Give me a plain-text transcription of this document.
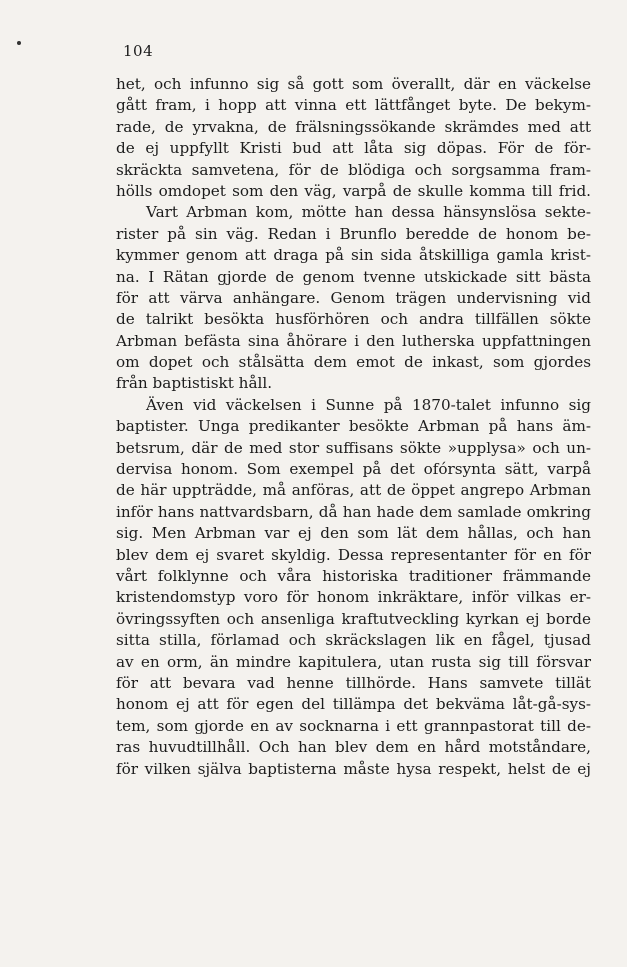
104
het, och infunno sig så gott som överallt, där en väckelse
gått fram, i hopp att vinna ett lättfånget byte. De bekym-
rade, de yrvakna, de frälsningssökande skrämdes med att
de ej uppfyllt Kristi bud att låta sig döpas. För de för-
skräckta samvetena, för de blödiga och sorgsamma fram-
hölls omdopet som den väg, varpå de skulle komma till frid.
Vart Arbman kom, mötte han dessa hänsynslösa sekte-
rister på sin väg. Redan i Brunflo beredde de honom be-
kymmer genom att draga på sin sida åtskilliga gamla krist-
na. I Rätan gjorde de genom tvenne utskickade sitt bästa
för att värva anhängare. Genom trägen undervisning vid
de talrikt besökta husförhören och andra tillfällen sökte
Arbman befästa sina åhörare i den lutherska uppfattningen
om dopet och stålsätta dem emot de inkast, som gjordes
från baptistiskt håll.
Även vid väckelsen i Sunne på 1870-talet infunno sig
baptister. Unga predikanter besökte Arbman på hans äm-
betsrum, där de med stor suffisans sökte »upplysa» och un-
dervisa honom. Som exempel på det ofórsynta sätt, varpå
de här uppträdde, må anföras, att de öppet angrepo Arbman
inför hans nattvardsbarn, då han hade dem samlade omkring
sig. Men Arbman var ej den som lät dem hållas, och han
blev dem ej svaret skyldig. Dessa representanter för en för
vårt folklynne och våra historiska traditioner främmande
kristendomstyp voro för honom inkräktare, inför vilkas er-
övringssyften och ansenliga kraftutveckling kyrkan ej borde
sitta stilla, förlamad och skräckslagen lik en fågel, tjusad
av en orm, än mindre kapitulera, utan rusta sig till försvar
för att bevara vad henne tillhörde. Hans samvete tillät
honom ej att för egen del tillämpa det bekväma låt-gå-sys-
tem, som gjorde en av socknarna i ett grannpastorat till de-
ras huvudtillhåll. Och han blev dem en hård motståndare,
för vilken själva baptisterna måste hysa respekt, helst de ej
